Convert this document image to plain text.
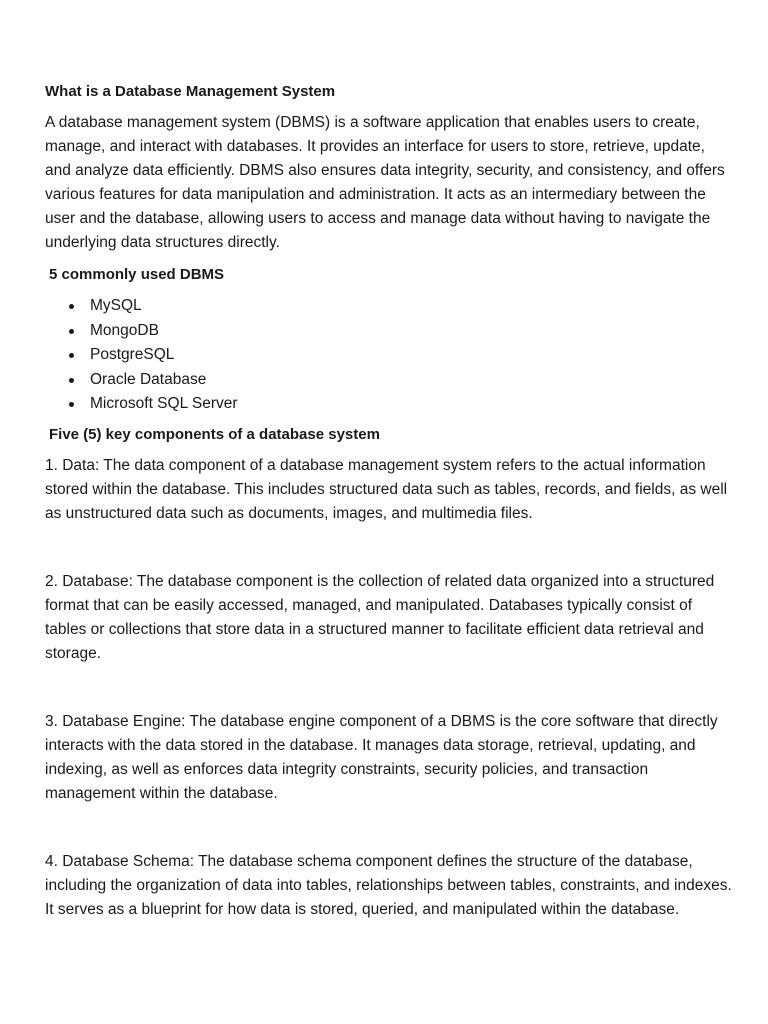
What is a Database Management System

A database management system (DBMS) is a software application that enables users to create, manage, and interact with databases. It provides an interface for users to store, retrieve, update, and analyze data efficiently. DBMS also ensures data integrity, security, and consistency, and offers various features for data manipulation and administration. It acts as an intermediary between the user and the database, allowing users to access and manage data without having to navigate the underlying data structures directly.

5 commonly used DBMS
MySQL
MongoDB
PostgreSQL
Oracle Database
Microsoft SQL Server
Five (5) key components of a database system

1. Data: The data component of a database management system refers to the actual information stored within the database. This includes structured data such as tables, records, and fields, as well as unstructured data such as documents, images, and multimedia files.

2. Database: The database component is the collection of related data organized into a structured format that can be easily accessed, managed, and manipulated. Databases typically consist of tables or collections that store data in a structured manner to facilitate efficient data retrieval and storage.

3. Database Engine: The database engine component of a DBMS is the core software that directly interacts with the data stored in the database. It manages data storage, retrieval, updating, and indexing, as well as enforces data integrity constraints, security policies, and transaction management within the database.

4. Database Schema: The database schema component defines the structure of the database, including the organization of data into tables, relationships between tables, constraints, and indexes. It serves as a blueprint for how data is stored, queried, and manipulated within the database.
